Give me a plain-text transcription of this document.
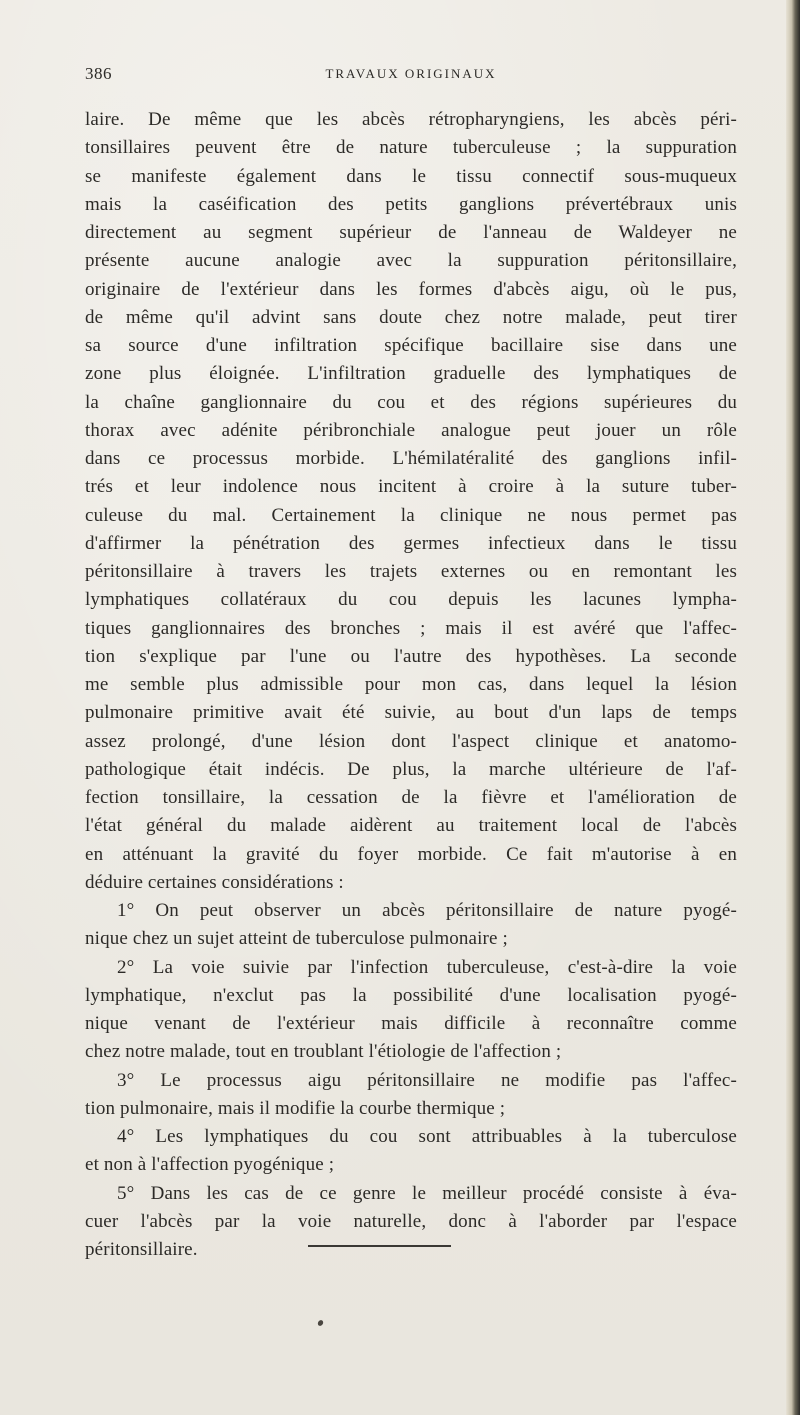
386	TRAVAUX ORIGINAUX
laire. De même que les abcès rétropharyngiens, les abcès péri-
tonsillaires peuvent être de nature tuberculeuse ; la suppuration
se manifeste également dans le tissu connectif sous-muqueux
mais la caséification des petits ganglions prévertébraux unis
directement au segment supérieur de l'anneau de Waldeyer ne
présente aucune analogie avec la suppuration péritonsillaire,
originaire de l'extérieur dans les formes d'abcès aigu, où le pus,
de même qu'il advint sans doute chez notre malade, peut tirer
sa source d'une infiltration spécifique bacillaire sise dans une
zone plus éloignée. L'infiltration graduelle des lymphatiques de
la chaîne ganglionnaire du cou et des régions supérieures du
thorax avec adénite péribronchiale analogue peut jouer un rôle
dans ce processus morbide. L'hémilatéralité des ganglions infil-
trés et leur indolence nous incitent à croire à la suture tuber-
culeuse du mal. Certainement la clinique ne nous permet pas
d'affirmer la pénétration des germes infectieux dans le tissu
péritonsillaire à travers les trajets externes ou en remontant les
lymphatiques collatéraux du cou depuis les lacunes lympha-
tiques ganglionnaires des bronches ; mais il est avéré que l'affec-
tion s'explique par l'une ou l'autre des hypothèses. La seconde
me semble plus admissible pour mon cas, dans lequel la lésion
pulmonaire primitive avait été suivie, au bout d'un laps de temps
assez prolongé, d'une lésion dont l'aspect clinique et anatomo-
pathologique était indécis. De plus, la marche ultérieure de l'af-
fection tonsillaire, la cessation de la fièvre et l'amélioration de
l'état général du malade aidèrent au traitement local de l'abcès
en atténuant la gravité du foyer morbide. Ce fait m'autorise à en
déduire certaines considérations :
1° On peut observer un abcès péritonsillaire de nature pyogé-
nique chez un sujet atteint de tuberculose pulmonaire ;
2° La voie suivie par l'infection tuberculeuse, c'est-à-dire la voie
lymphatique, n'exclut pas la possibilité d'une localisation pyogé-
nique venant de l'extérieur mais difficile à reconnaître comme
chez notre malade, tout en troublant l'étiologie de l'affection ;
3° Le processus aigu péritonsillaire ne modifie pas l'affec-
tion pulmonaire, mais il modifie la courbe thermique ;
4° Les lymphatiques du cou sont attribuables à la tuberculose
et non à l'affection pyogénique ;
5° Dans les cas de ce genre le meilleur procédé consiste à éva-
cuer l'abcès par la voie naturelle, donc à l'aborder par l'espace
péritonsillaire.
